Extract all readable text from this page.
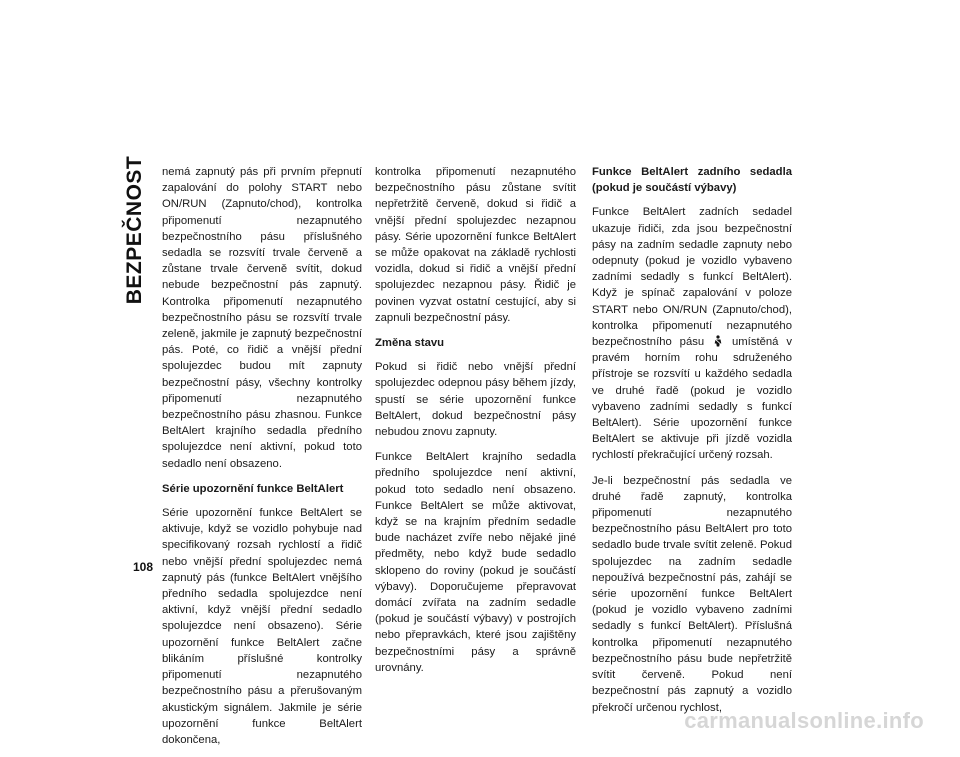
BEZPEČNOST
108

nemá zapnutý pás při prvním přepnutí zapalování do polohy START nebo ON/RUN (Zapnuto/chod), kontrolka připomenutí nezapnutého bezpečnostního pásu příslušného sedadla se rozsvítí trvale červeně a zůstane trvale červeně svítit, dokud nebude bezpečnostní pás zapnutý. Kontrolka připomenutí nezapnutého bezpečnostního pásu se rozsvítí trvale zeleně, jakmile je zapnutý bezpečnostní pás. Poté, co řidič a vnější přední spolujezdec budou mít zapnuty bezpečnostní pásy, všechny kontrolky připomenutí nezapnutého bezpečnostního pásu zhasnou. Funkce BeltAlert krajního sedadla předního spolujezdce není aktivní, pokud toto sedadlo není obsazeno.

Série upozornění funkce BeltAlert

Série upozornění funkce BeltAlert se aktivuje, když se vozidlo pohybuje nad specifikovaný rozsah rychlostí a řidič nebo vnější přední spolujezdec nemá zapnutý pás (funkce BeltAlert vnějšího předního sedadla spolujezdce není aktivní, když vnější přední sedadlo spolujezdce není obsazeno). Série upozornění funkce BeltAlert začne blikáním příslušné kontrolky připomenutí nezapnutého bezpečnostního pásu a přerušovaným akustickým signálem. Jakmile je série upozornění funkce BeltAlert dokončena,

kontrolka připomenutí nezapnutého bezpečnostního pásu zůstane svítit nepřetržitě červeně, dokud si řidič a vnější přední spolujezdec nezapnou pásy. Série upozornění funkce BeltAlert se může opakovat na základě rychlosti vozidla, dokud si řidič a vnější přední spolujezdec nezapnou pásy. Řidič je povinen vyzvat ostatní cestující, aby si zapnuli bezpečnostní pásy.

Změna stavu

Pokud si řidič nebo vnější přední spolujezdec odepnou pásy během jízdy, spustí se série upozornění funkce BeltAlert, dokud bezpečnostní pásy nebudou znovu zapnuty.

Funkce BeltAlert krajního sedadla předního spolujezdce není aktivní, pokud toto sedadlo není obsazeno. Funkce BeltAlert se může aktivovat, když se na krajním předním sedadle bude nacházet zvíře nebo nějaké jiné předměty, nebo když bude sedadlo sklopeno do roviny (pokud je součástí výbavy). Doporučujeme přepravovat domácí zvířata na zadním sedadle (pokud je součástí výbavy) v postrojích nebo přepravkách, které jsou zajištěny bezpečnostními pásy a správně urovnány.

Funkce BeltAlert zadního sedadla
(pokud je součástí výbavy)

Funkce BeltAlert zadních sedadel ukazuje řidiči, zda jsou bezpečnostní pásy na zadním sedadle zapnuty nebo odepnuty (pokud je vozidlo vybaveno zadními sedadly s funkcí BeltAlert). Když je spínač zapalování v poloze START nebo ON/RUN (Zapnuto/chod), kontrolka připomenutí nezapnutého bezpečnostního pásu umístěná v pravém horním rohu sdruženého přístroje se rozsvítí u každého sedadla ve druhé řadě (pokud je vozidlo vybaveno zadními sedadly s funkcí BeltAlert). Série upozornění funkce BeltAlert se aktivuje při jízdě vozidla rychlostí překračující určený rozsah.

Je-li bezpečnostní pás sedadla ve druhé řadě zapnutý, kontrolka připomenutí nezapnutého bezpečnostního pásu BeltAlert pro toto sedadlo bude trvale svítit zeleně. Pokud spolujezdec na zadním sedadle nepoužívá bezpečnostní pás, zahájí se série upozornění funkce BeltAlert (pokud je vozidlo vybaveno zadními sedadly s funkcí BeltAlert). Příslušná kontrolka připomenutí nezapnutého bezpečnostního pásu bude nepřetržitě svítit červeně. Pokud není bezpečnostní pás zapnutý a vozidlo překročí určenou rychlost,

carmanualsonline.info
